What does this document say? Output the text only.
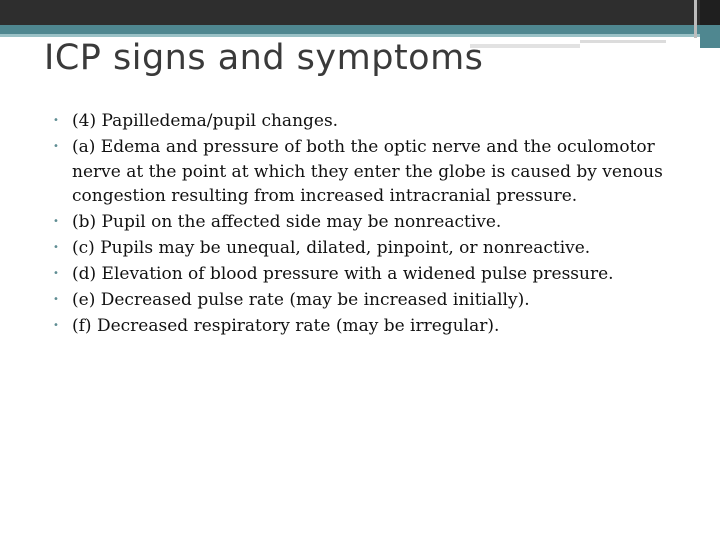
ICP signs and symptoms
• (4) Papilledema/pupil changes.
• (a) Edema and pressure of both the optic nerve and the oculomotor nerve at the point at which they enter the globe is caused by venous congestion resulting from increased intracranial pressure.
• (b) Pupil on the affected side may be nonreactive.
• (c) Pupils may be unequal, dilated, pinpoint, or nonreactive.
• (d) Elevation of blood pressure with a widened pulse pressure.
• (e) Decreased pulse rate (may be increased initially).
• (f) Decreased respiratory rate (may be irregular).
